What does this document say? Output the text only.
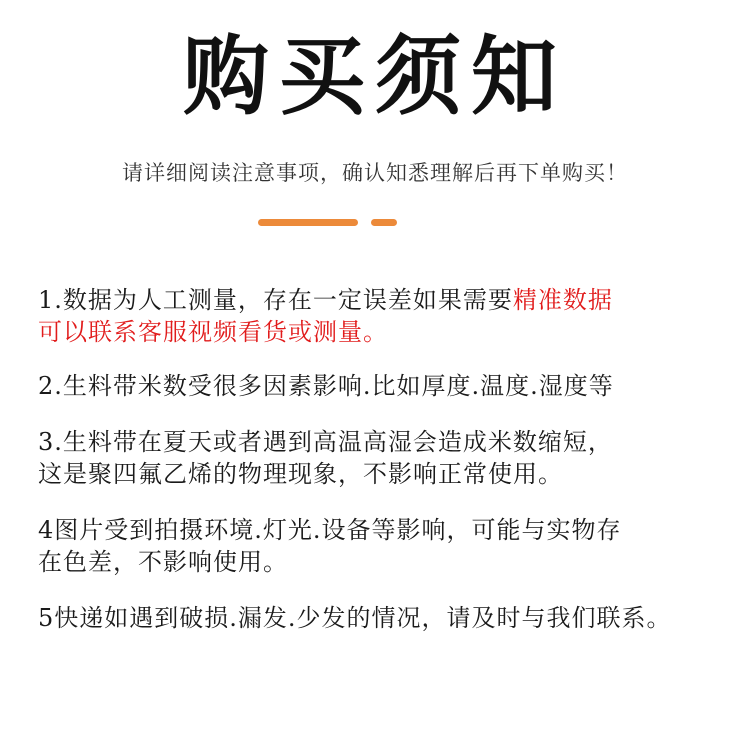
购买须知
请详细阅读注意事项，确认知悉理解后再下单购买！
1.数据为人工测量，存在一定误差如果需要精准数据
可以联系客服视频看货或测量。
2.生料带米数受很多因素影响.比如厚度.温度.湿度等
3.生料带在夏天或者遇到高温高湿会造成米数缩短，
这是聚四氟乙烯的物理现象，不影响正常使用。
4图片受到拍摄环境.灯光.设备等影响，可能与实物存
在色差，不影响使用。
5快递如遇到破损.漏发.少发的情况，请及时与我们联系。
